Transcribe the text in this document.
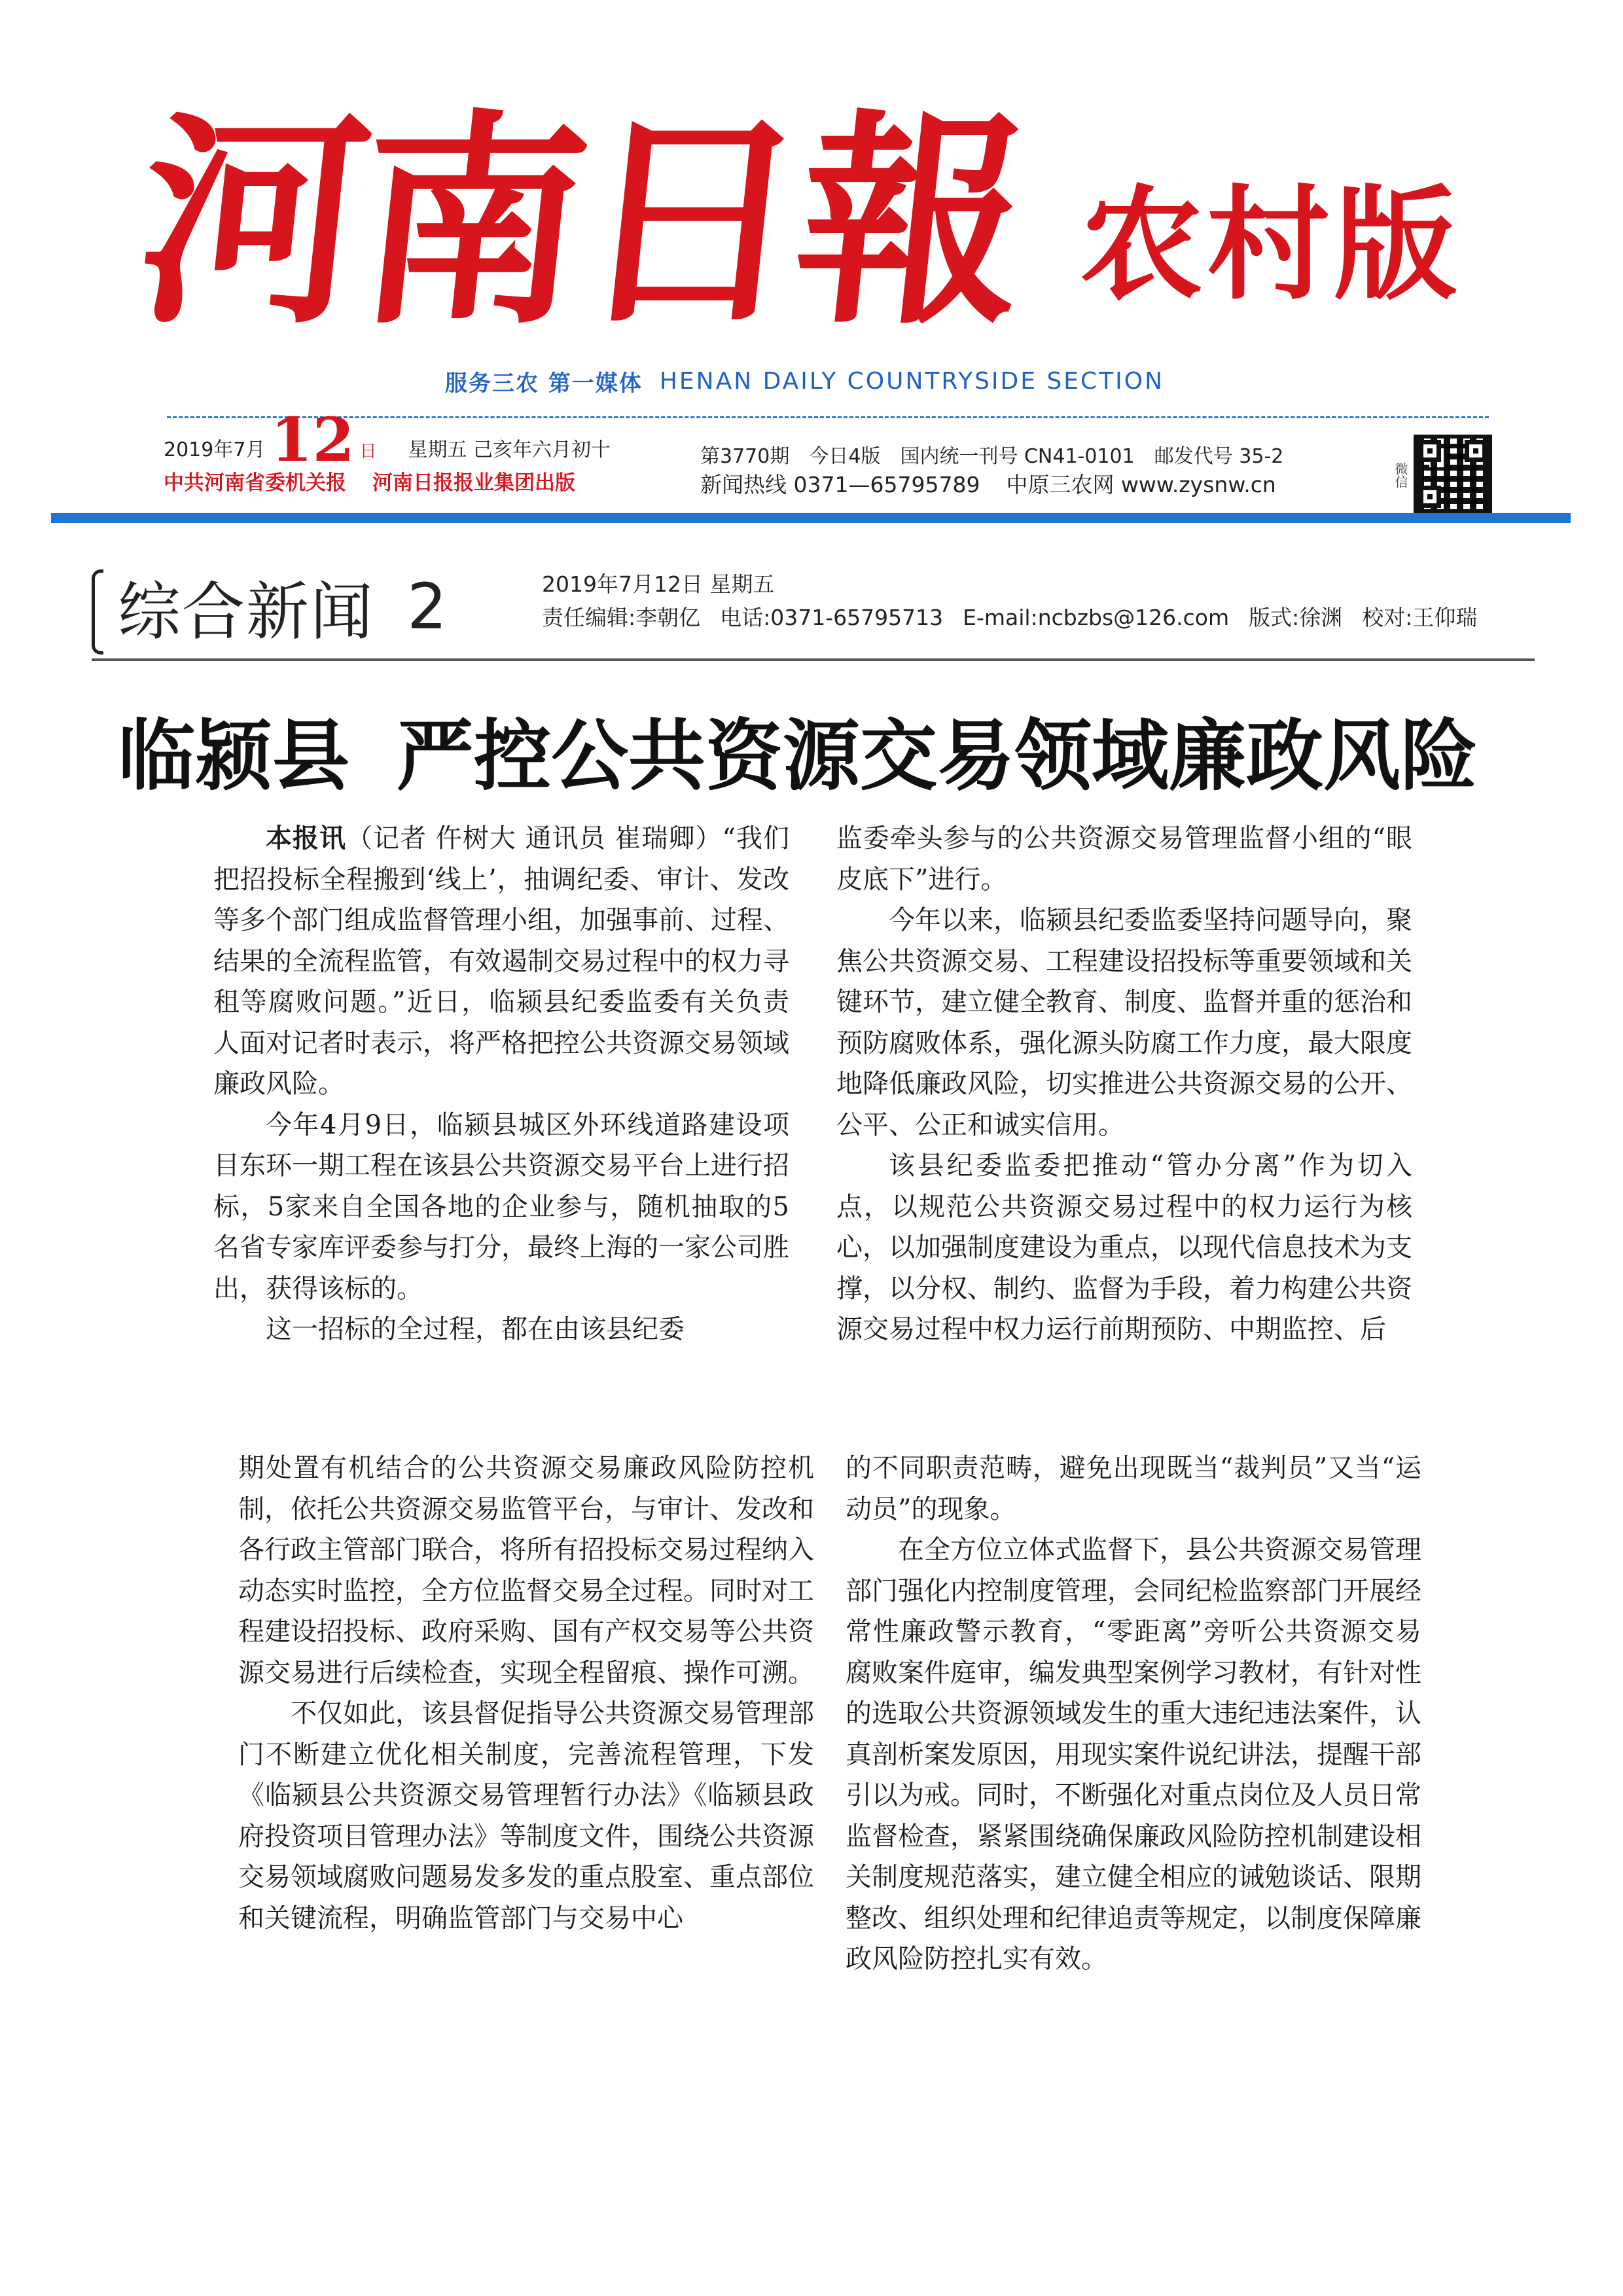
河南日報 农村版
服务三农 第一媒体 HENAN DAILY COUNTRYSIDE SECTION
2019年7月 12 日 星期五 己亥年六月初十
中共河南省委机关报 河南日报报业集团出版
第3770期 今日4版 国内统一刊号 CN41-0101 邮发代号 35-2
新闻热线 0371—65795789 中原三农网 www.zysnw.cn	微信
综合新闻 2	2019年7月12日 星期五
责任编辑:李朝亿 电话:0371-65795713 E-mail:ncbzbs@126.com 版式:徐渊 校对:王仰瑞
临颍县 严控公共资源交易领域廉政风险

本报讯（记者 仵树大 通讯员 崔瑞卿）“我们把招投标全程搬到‘线上’，抽调纪委、审计、发改等多个部门组成监督管理小组，加强事前、过程、结果的全流程监管，有效遏制交易过程中的权力寻租等腐败问题。”近日，临颍县纪委监委有关负责人面对记者时表示，将严格把控公共资源交易领域廉政风险。

今年4月9日，临颍县城区外环线道路建设项目东环一期工程在该县公共资源交易平台上进行招标，5家来自全国各地的企业参与，随机抽取的5名省专家库评委参与打分，最终上海的一家公司胜出，获得该标的。

这一招标的全过程，都在由该县纪委

监委牵头参与的公共资源交易管理监督小组的“眼皮底下”进行。

今年以来，临颍县纪委监委坚持问题导向，聚焦公共资源交易、工程建设招投标等重要领域和关键环节，建立健全教育、制度、监督并重的惩治和预防腐败体系，强化源头防腐工作力度，最大限度地降低廉政风险，切实推进公共资源交易的公开、公平、公正和诚实信用。

该县纪委监委把推动“管办分离”作为切入点，以规范公共资源交易过程中的权力运行为核心，以加强制度建设为重点，以现代信息技术为支撑，以分权、制约、监督为手段，着力构建公共资源交易过程中权力运行前期预防、中期监控、后

期处置有机结合的公共资源交易廉政风险防控机制，依托公共资源交易监管平台，与审计、发改和各行政主管部门联合，将所有招投标交易过程纳入动态实时监控，全方位监督交易全过程。同时对工程建设招投标、政府采购、国有产权交易等公共资源交易进行后续检查，实现全程留痕、操作可溯。

不仅如此，该县督促指导公共资源交易管理部门不断建立优化相关制度，完善流程管理，下发《临颍县公共资源交易管理暂行办法》《临颍县政府投资项目管理办法》等制度文件，围绕公共资源交易领域腐败问题易发多发的重点股室、重点部位和关键流程，明确监管部门与交易中心

的不同职责范畴，避免出现既当“裁判员”又当“运动员”的现象。

在全方位立体式监督下，县公共资源交易管理部门强化内控制度管理，会同纪检监察部门开展经常性廉政警示教育，“零距离”旁听公共资源交易腐败案件庭审，编发典型案例学习教材，有针对性的选取公共资源领域发生的重大违纪违法案件，认真剖析案发原因，用现实案件说纪讲法，提醒干部引以为戒。同时，不断强化对重点岗位及人员日常监督检查，紧紧围绕确保廉政风险防控机制建设相关制度规范落实，建立健全相应的诫勉谈话、限期整改、组织处理和纪律追责等规定，以制度保障廉政风险防控扎实有效。
